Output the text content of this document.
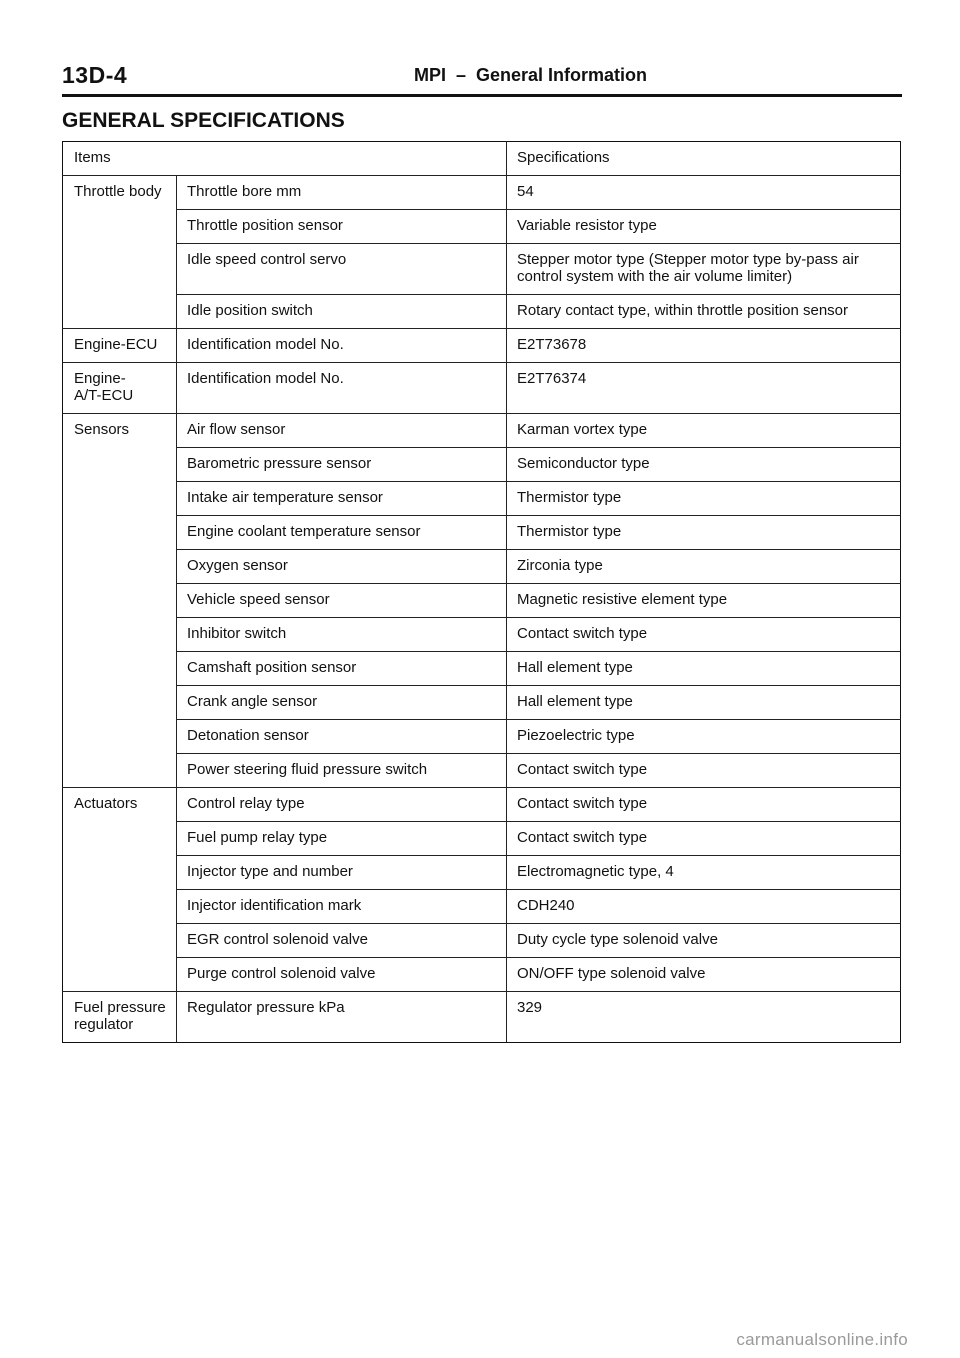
13D-4	MPI  –  General Information
GENERAL SPECIFICATIONS
Items		Specifications
Throttle body	Throttle bore mm	54
	Throttle position sensor	Variable resistor type
	Idle speed control servo	Stepper motor type (Stepper motor type by-pass air control system with the air volume limiter)
	Idle position switch	Rotary contact type, within throttle position sensor
Engine-ECU	Identification model No.	E2T73678
Engine-
A/T-ECU	Identification model No.	E2T76374
Sensors	Air flow sensor	Karman vortex type
	Barometric pressure sensor	Semiconductor type
	Intake air temperature sensor	Thermistor type
	Engine coolant temperature sensor	Thermistor type
	Oxygen sensor	Zirconia type
	Vehicle speed sensor	Magnetic resistive element type
	Inhibitor switch	Contact switch type
	Camshaft position sensor	Hall element type
	Crank angle sensor	Hall element type
	Detonation sensor	Piezoelectric type
	Power steering fluid pressure switch	Contact switch type
Actuators	Control relay type	Contact switch type
	Fuel pump relay type	Contact switch type
	Injector type and number	Electromagnetic type, 4
	Injector identification mark	CDH240
	EGR control solenoid valve	Duty cycle type solenoid valve
	Purge control solenoid valve	ON/OFF type solenoid valve
Fuel pressure regulator	Regulator pressure kPa	329
carmanualsonline.info
